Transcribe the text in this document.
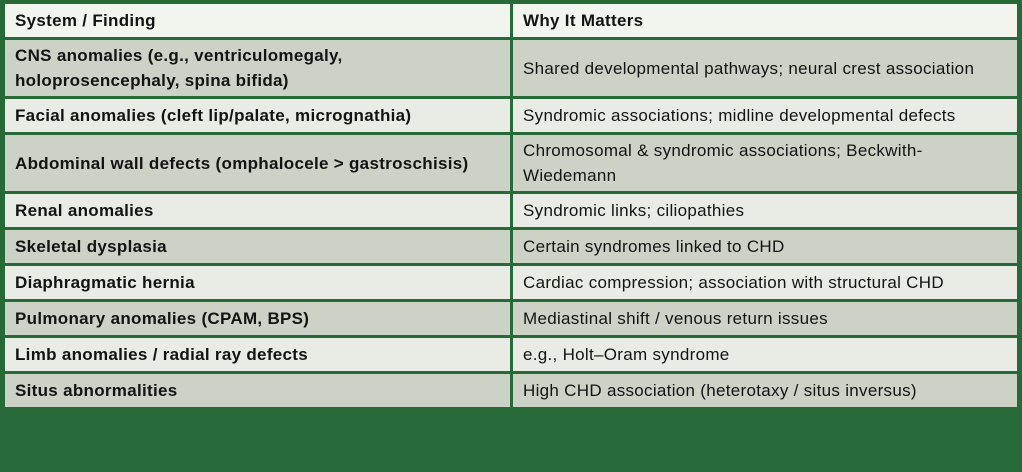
System / Finding	Why It Matters
CNS anomalies (e.g., ventriculomegaly, holoprosencephaly, spina bifida)	Shared developmental pathways; neural crest association
Facial anomalies (cleft lip/palate, micrognathia)	Syndromic associations; midline developmental defects
Abdominal wall defects (omphalocele > gastroschisis)	Chromosomal & syndromic associations; Beckwith-Wiedemann
Renal anomalies	Syndromic links; ciliopathies
Skeletal dysplasia	Certain syndromes linked to CHD
Diaphragmatic hernia	Cardiac compression; association with structural CHD
Pulmonary anomalies (CPAM, BPS)	Mediastinal shift / venous return issues
Limb anomalies / radial ray defects	e.g., Holt–Oram syndrome
Situs abnormalities	High CHD association (heterotaxy / situs inversus)
